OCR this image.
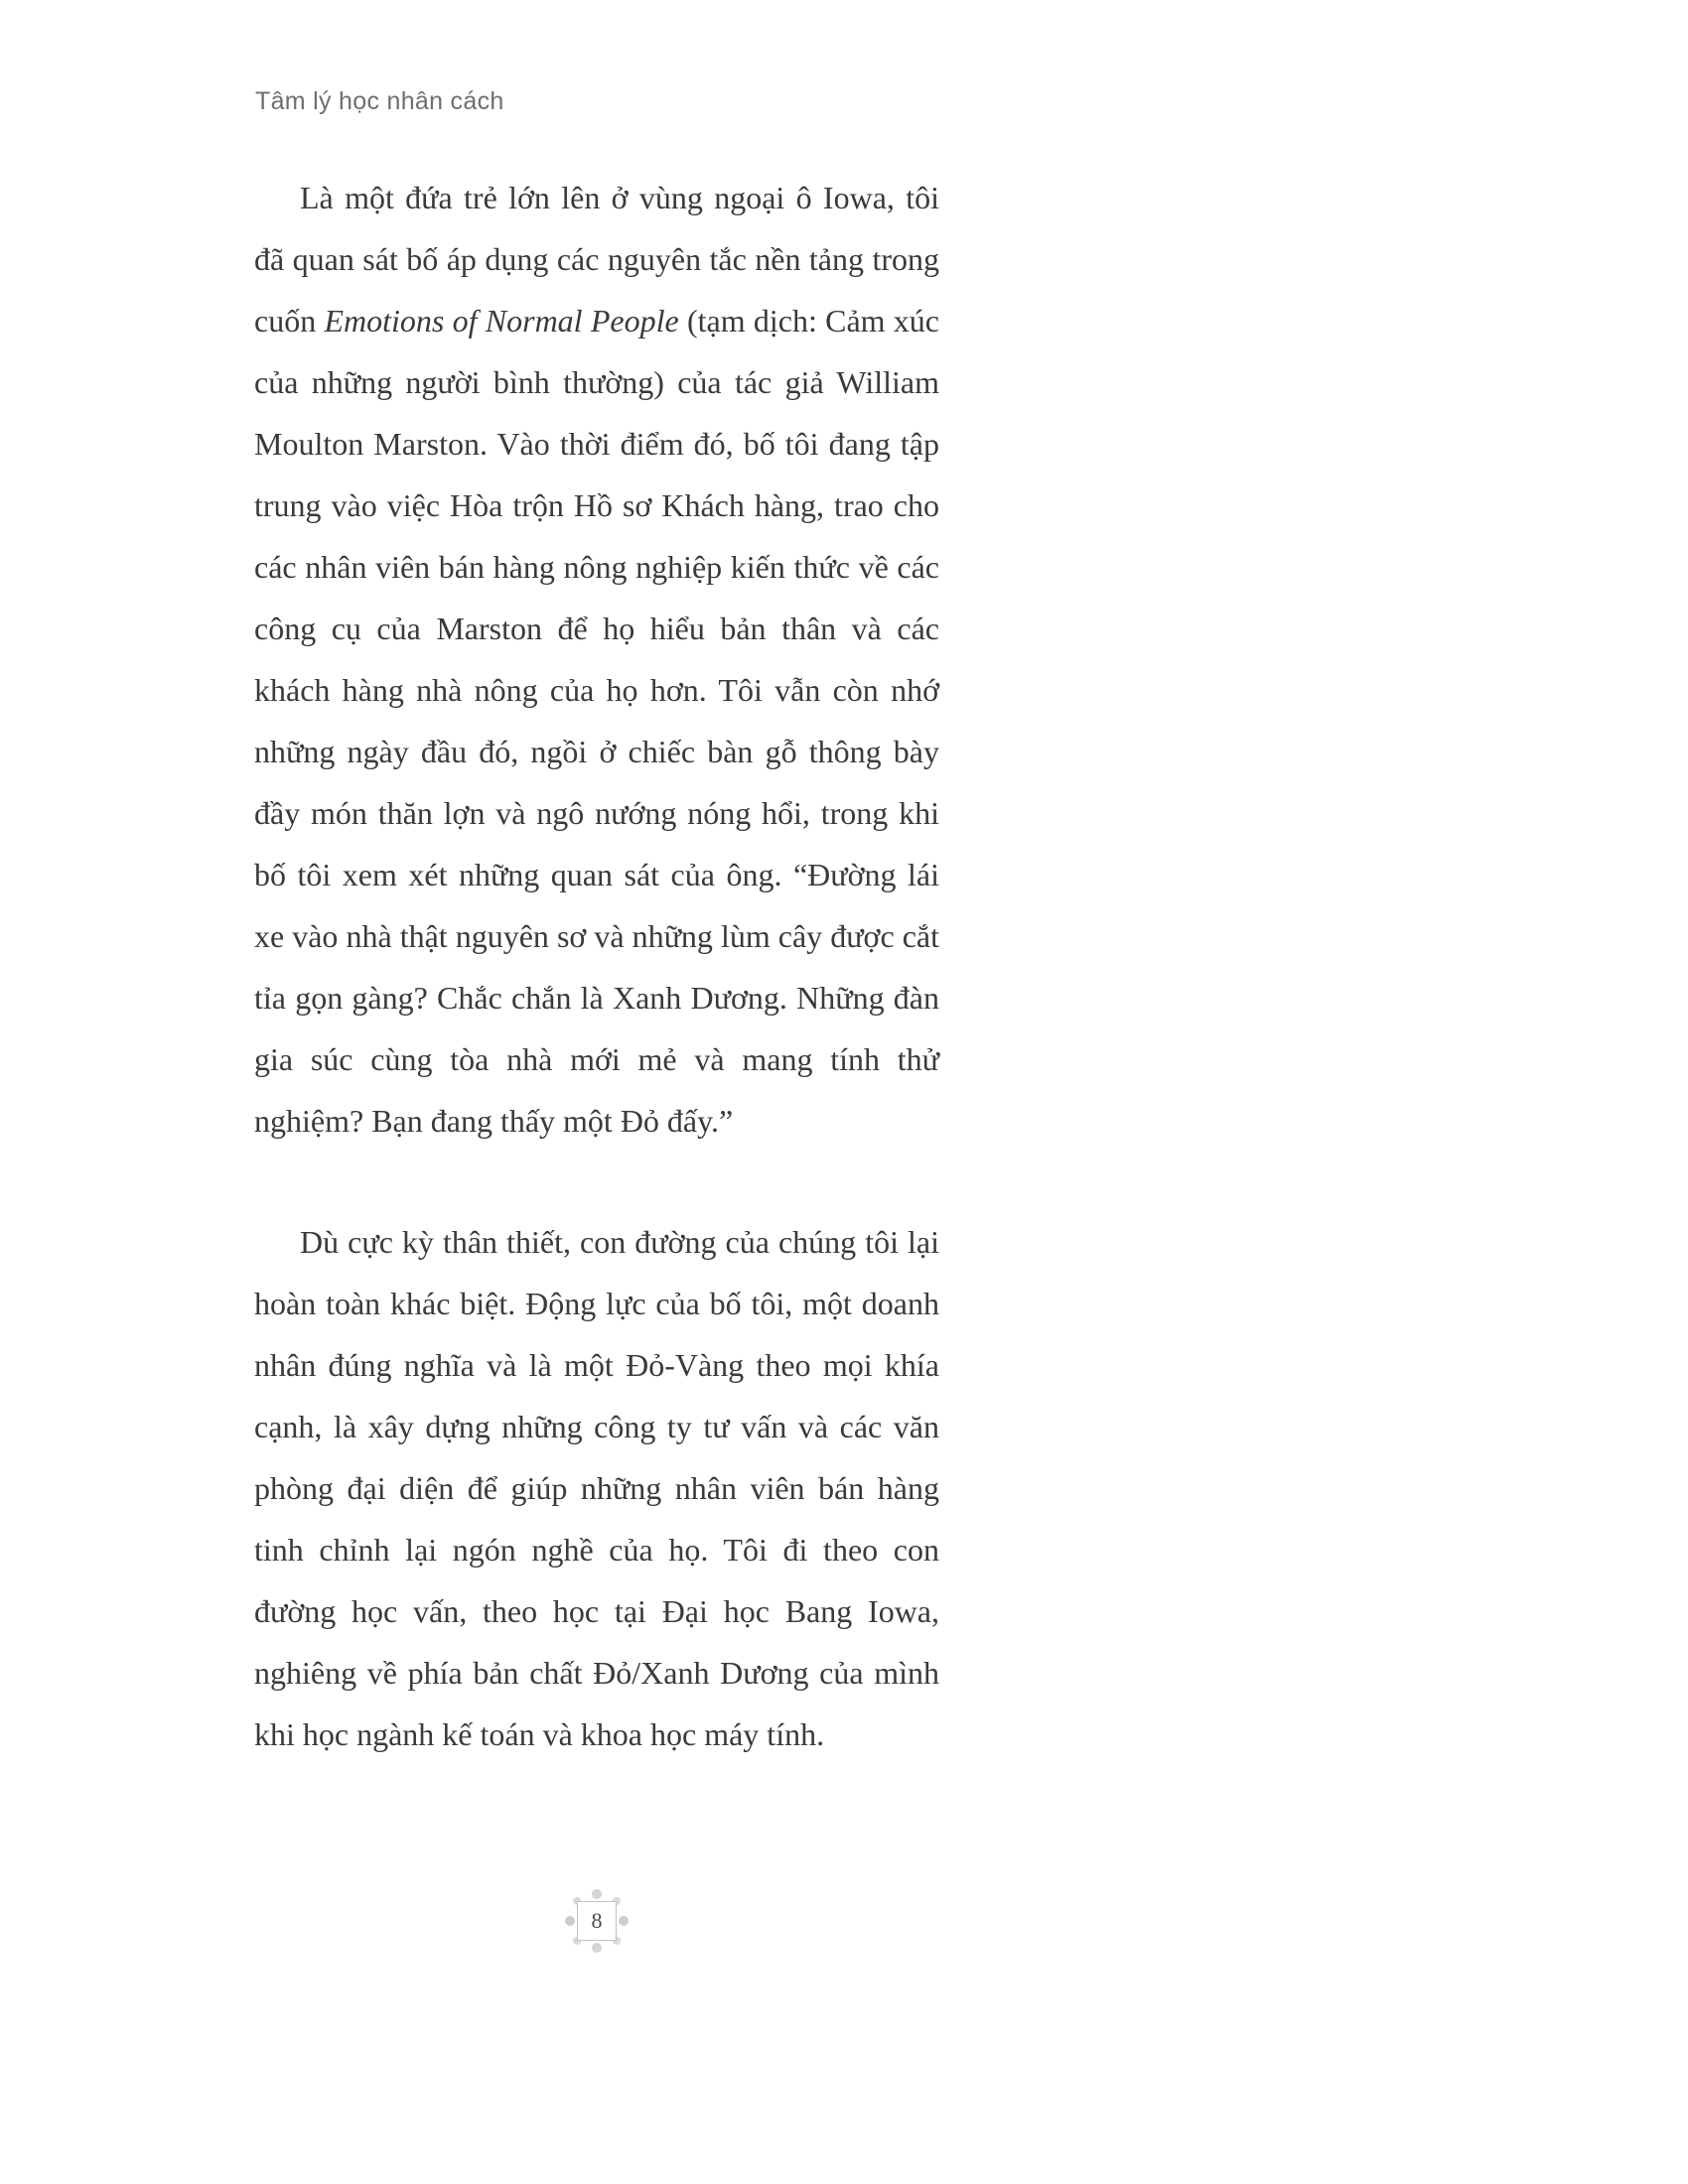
Tâm lý học nhân cách

Là một đứa trẻ lớn lên ở vùng ngoại ô Iowa, tôi đã quan sát bố áp dụng các nguyên tắc nền tảng trong cuốn Emotions of Normal People (tạm dịch: Cảm xúc của những người bình thường) của tác giả William Moulton Marston. Vào thời điểm đó, bố tôi đang tập trung vào việc Hòa trộn Hồ sơ Khách hàng, trao cho các nhân viên bán hàng nông nghiệp kiến thức về các công cụ của Marston để họ hiểu bản thân và các khách hàng nhà nông của họ hơn. Tôi vẫn còn nhớ những ngày đầu đó, ngồi ở chiếc bàn gỗ thông bày đầy món thăn lợn và ngô nướng nóng hổi, trong khi bố tôi xem xét những quan sát của ông. “Đường lái xe vào nhà thật nguyên sơ và những lùm cây được cắt tỉa gọn gàng? Chắc chắn là Xanh Dương. Những đàn gia súc cùng tòa nhà mới mẻ và mang tính thử nghiệm? Bạn đang thấy một Đỏ đấy.”

Dù cực kỳ thân thiết, con đường của chúng tôi lại hoàn toàn khác biệt. Động lực của bố tôi, một doanh nhân đúng nghĩa và là một Đỏ-Vàng theo mọi khía cạnh, là xây dựng những công ty tư vấn và các văn phòng đại diện để giúp những nhân viên bán hàng tinh chỉnh lại ngón nghề của họ. Tôi đi theo con đường học vấn, theo học tại Đại học Bang Iowa, nghiêng về phía bản chất Đỏ/Xanh Dương của mình khi học ngành kế toán và khoa học máy tính.

8
